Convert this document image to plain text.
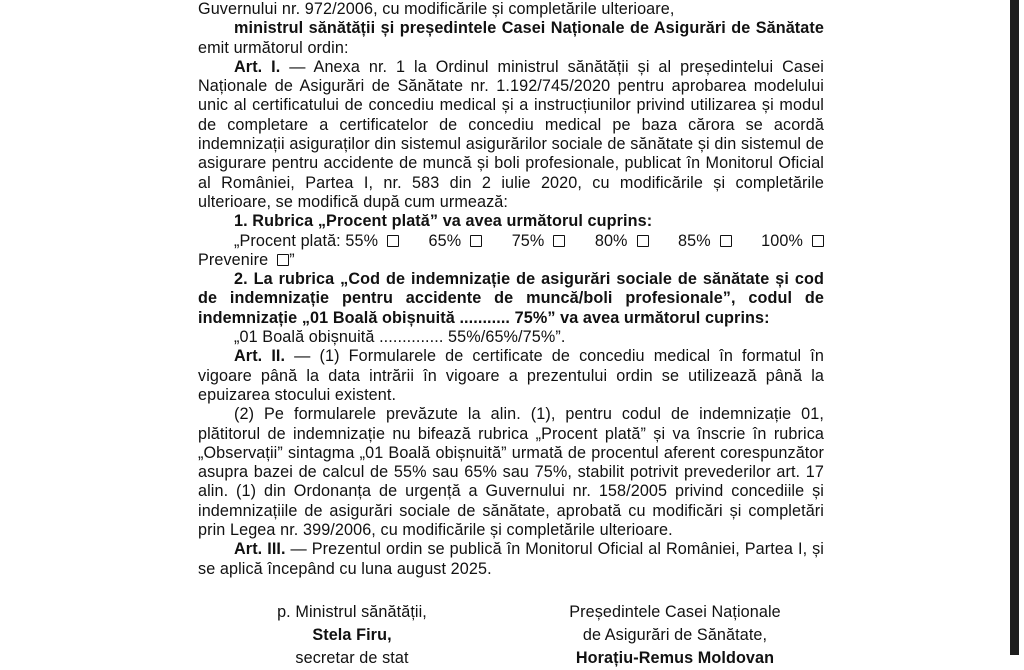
Guvernului nr. 972/2006, cu modificările și completările ulterioare,

ministrul sănătății și președintele Casei Naționale de Asigurări de Sănătate emit următorul ordin:

Art. I. — Anexa nr. 1 la Ordinul ministrul sănătății și al președintelui Casei Naționale de Asigurări de Sănătate nr. 1.192/745/2020 pentru aprobarea modelului unic al certificatului de concediu medical și a instrucțiunilor privind utilizarea și modul de completare a certificatelor de concediu medical pe baza cărora se acordă indemnizații asiguraților din sistemul asigurărilor sociale de sănătate și din sistemul de asigurare pentru accidente de muncă și boli profesionale, publicat în Monitorul Oficial al României, Partea I, nr. 583 din 2 iulie 2020, cu modificările și completările ulterioare, se modifică după cum urmează:

1. Rubrica „Procent plată” va avea următorul cuprins:

„Procent plată: 55%	65%	75%	80%	85%	100%

Prevenire ”

2. La rubrica „Cod de indemnizație de asigurări sociale de sănătate și cod de indemnizație pentru accidente de muncă/boli profesionale”, codul de indemnizație „01 Boală obișnuită ........... 75%” va avea următorul cuprins:

„01 Boală obișnuită .............. 55%/65%/75%”.

Art. II. — (1) Formularele de certificate de concediu medical în formatul în vigoare până la data intrării în vigoare a prezentului ordin se utilizează până la epuizarea stocului existent.

(2) Pe formularele prevăzute la alin. (1), pentru codul de indemnizație 01, plătitorul de indemnizație nu bifează rubrica „Procent plată” și va înscrie în rubrica „Observații” sintagma „01 Boală obișnuită” urmată de procentul aferent corespunzător asupra bazei de calcul de 55% sau 65% sau 75%, stabilit potrivit prevederilor art. 17 alin. (1) din Ordonanța de urgență a Guvernului nr. 158/2005 privind concediile și indemnizațiile de asigurări sociale de sănătate, aprobată cu modificări și completări prin Legea nr. 399/2006, cu modificările și completările ulterioare.

Art. III. — Prezentul ordin se publică în Monitorul Oficial al României, Partea I, și se aplică începând cu luna august 2025.

p. Ministrul sănătății,
Stela Firu,
secretar de stat
Președintele Casei Naționale
de Asigurări de Sănătate,
Horațiu-Remus Moldovan
